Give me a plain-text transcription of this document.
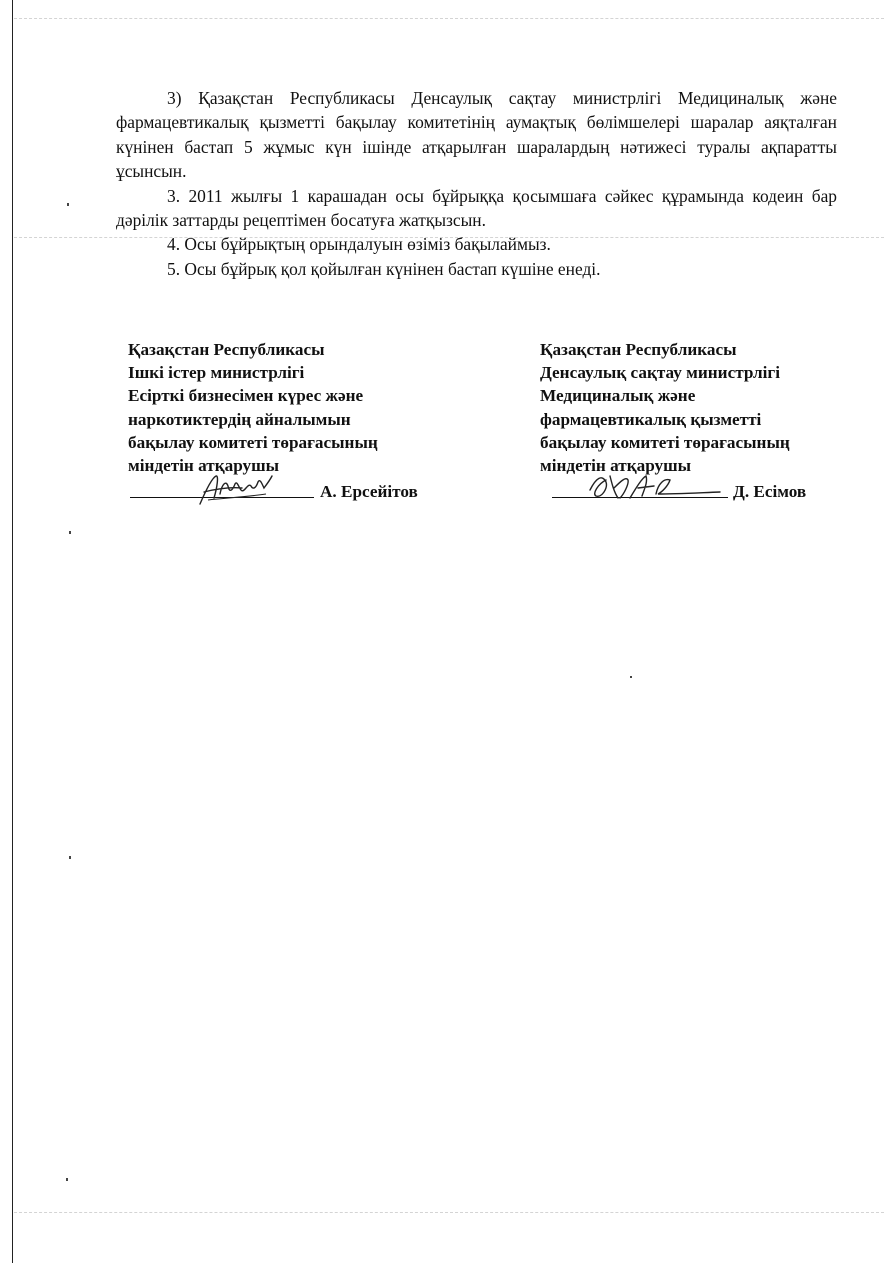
3) Қазақстан Республикасы Денсаулық сақтау министрлігі Медициналық және фармацевтикалық қызметті бақылау комитетінің аумақтық бөлімшелері шаралар аяқталған күнінен бастап 5 жұмыс күн ішінде атқарылған шаралардың нәтижесі туралы ақпаратты ұсынсын.

3. 2011 жылғы 1 карашадан осы бұйрыққа қосымшаға сәйкес құрамында кодеин бар дәрілік заттарды рецептімен босатуға жатқызсын.

4. Осы бұйрықтың орындалуын өзіміз бақылаймыз.

5. Осы бұйрық қол қойылған күнінен бастап күшіне енеді.

Қазақстан Республикасы
Ішкі істер министрлігі
Есірткі бизнесімен күрес және
наркотиктердің айналымын
бақылау комитеті төрағасының
міндетін атқарушы
А. Ерсейітов
Қазақстан Республикасы
Денсаулық сақтау министрлігі
Медициналық және
фармацевтикалық қызметті
бақылау комитеті төрағасының
міндетін атқарушы
Д. Есімов
